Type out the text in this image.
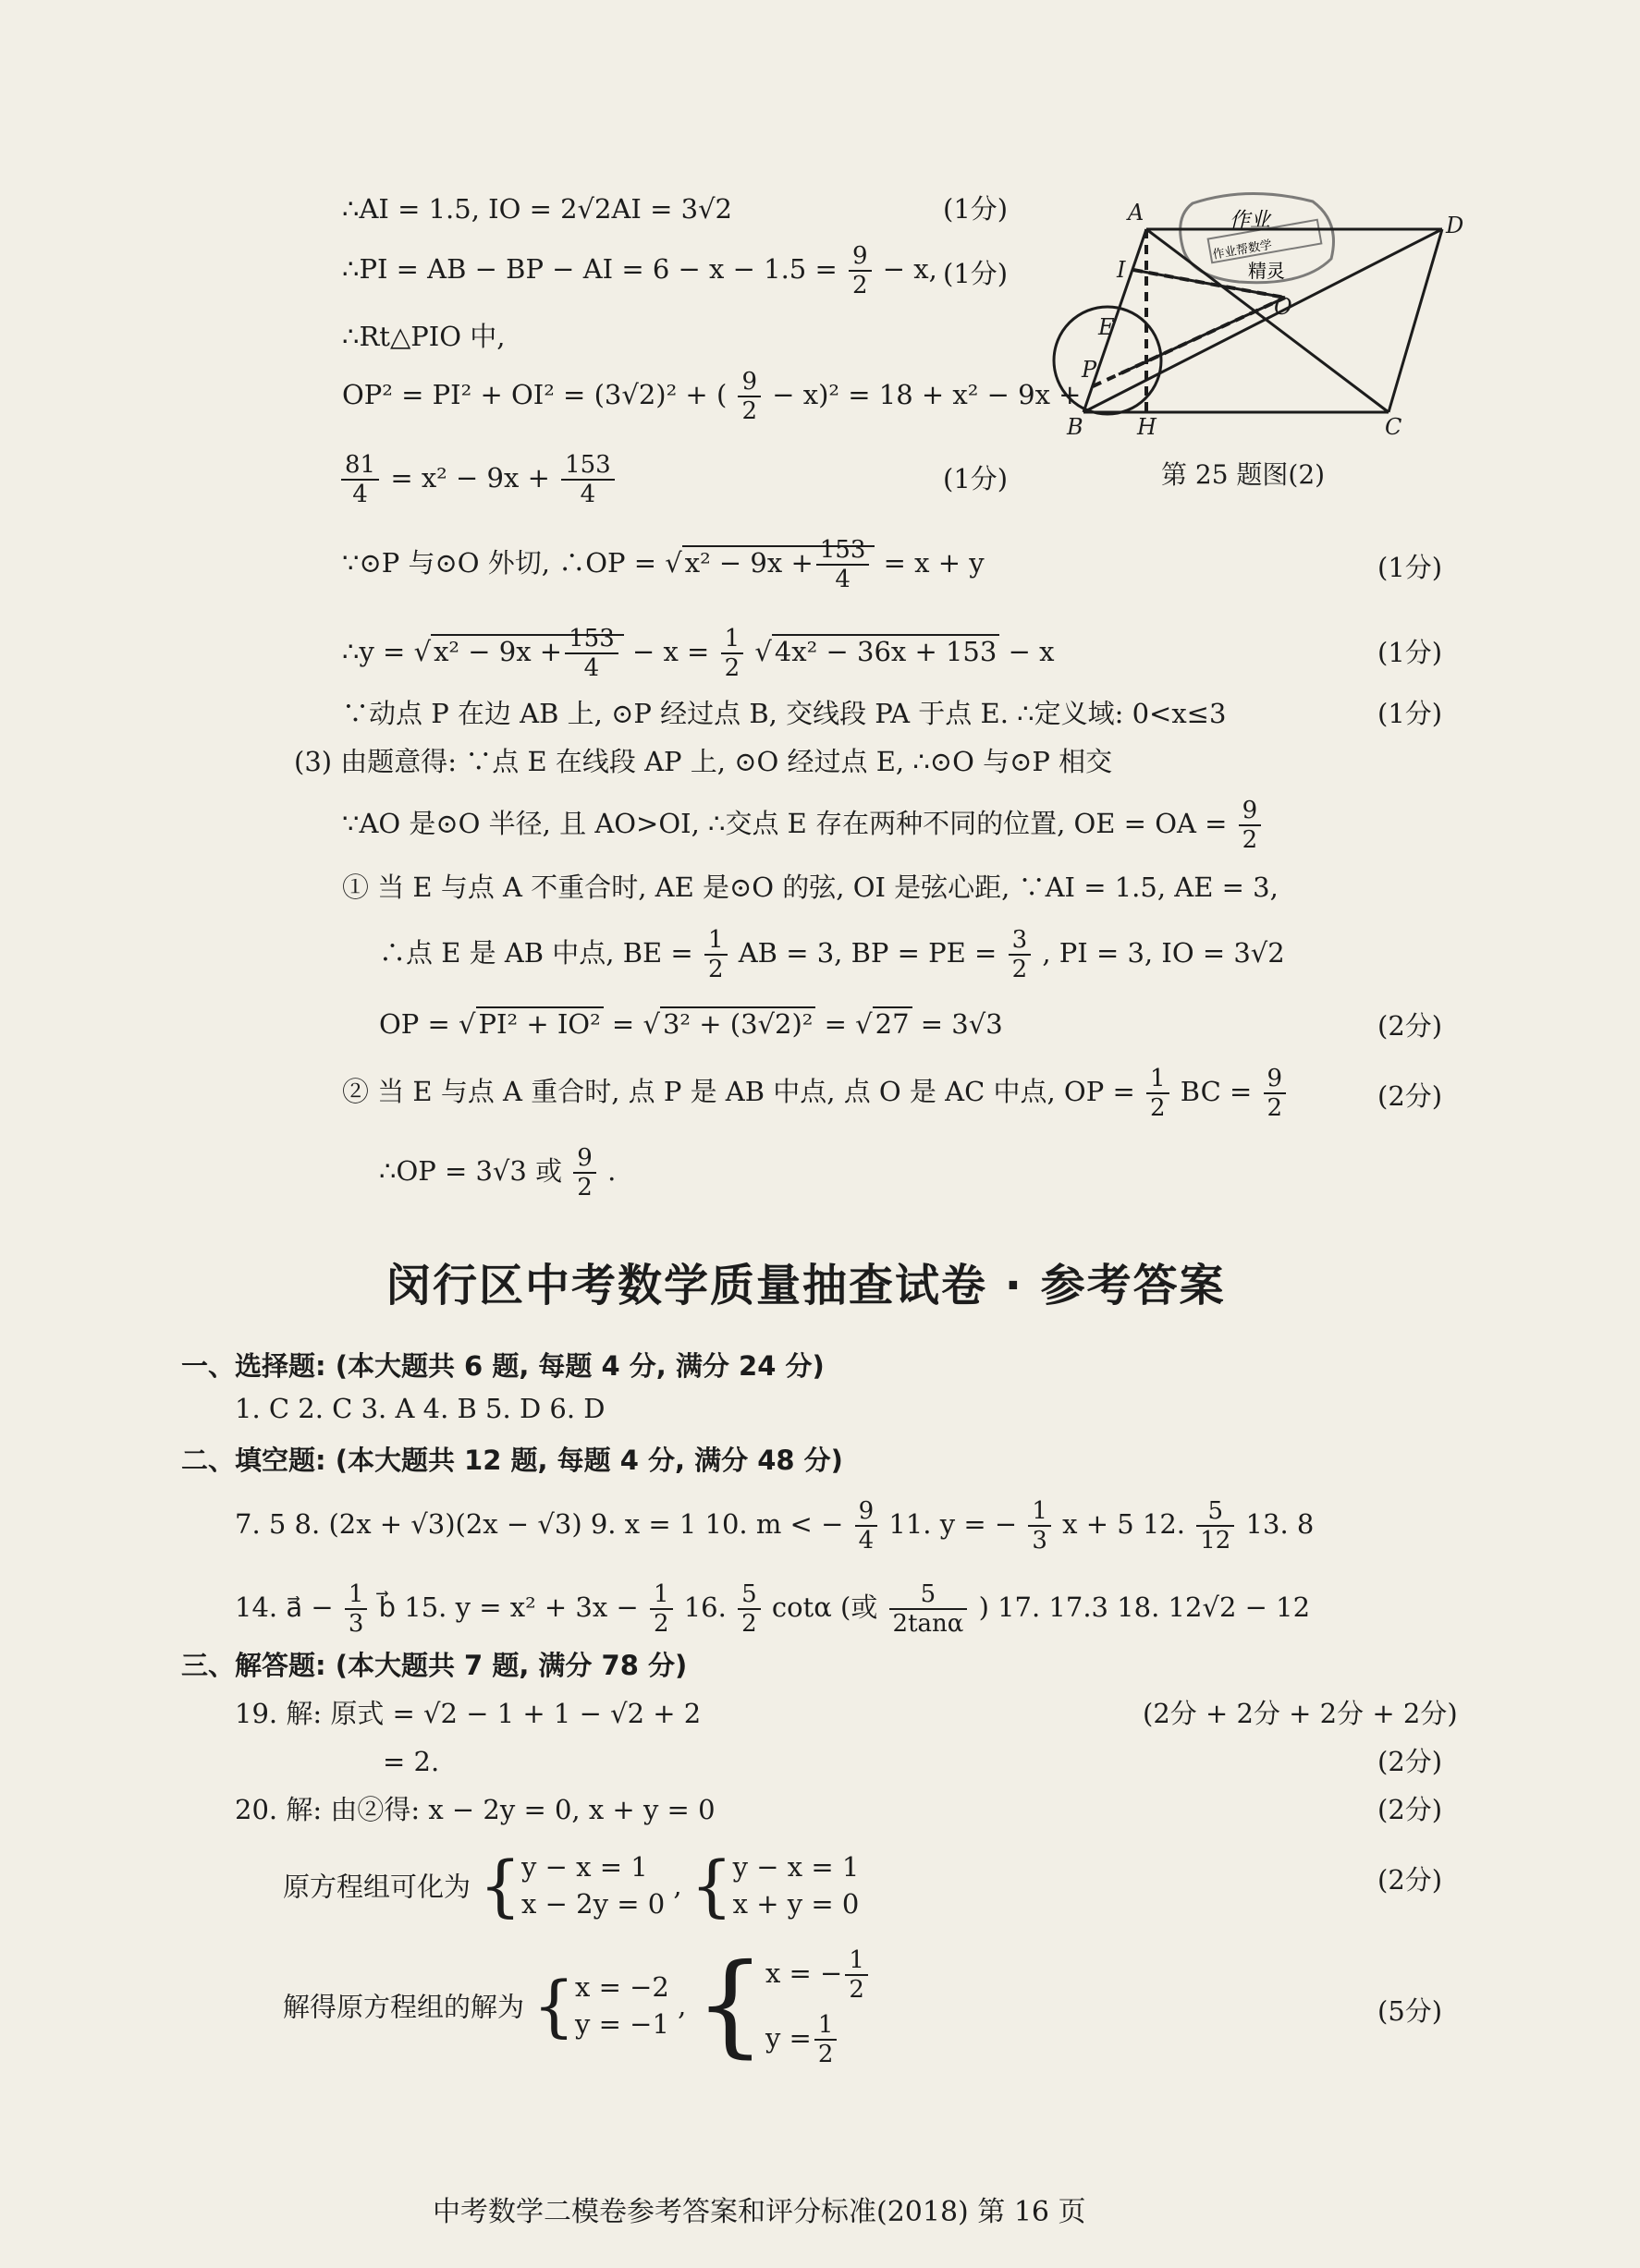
∴AI = 1.5, IO = 2√2AI = 3√2	(1分)
∴PI = AB − BP − AI = $6 - x - 1.5 = \frac{9}{2} - x$, (1分)
∴Rt△PIO 中,
OP² = PI² + OI² = (3√2)² + ( $\frac{9}{2} - x)^2 = 18 + x^2 - 9x$ +
$\frac{81}{4} = x^2 - 9x + \frac{153}{4}$	(1分)
∵⊙P 与⊙O 外切, ∴OP = √ $x^2 - 9x + \frac{153}{4} = x + y$	(1分)
∴y = √ $x^2 - 9x + \frac{153}{4} - x = \frac{1}{2}$ √ 4x² − 36x + 153 − x	(1分)
∵动点 P 在边 AB 上, ⊙P 经过点 B, 交线段 PA 于点 E. ∴定义域: 0<x≤3	(1分)
(3) 由题意得: ∵点 E 在线段 AP 上, ⊙O 经过点 E, ∴⊙O 与⊙P 相交
∵AO 是⊙O 半径, 且 AO>OI, ∴交点 E 存在两种不同的位置, OE = OA = $\frac{9}{2}$
① 当 E 与点 A 不重合时, AE 是⊙O 的弦, OI 是弦心距, ∵AI = 1.5, AE = 3,
∴点 E 是 AB 中点, BE = $\frac{1}{2}$ AB = 3, BP = PE = $\frac{3}{2}$ , PI = 3, IO = 3√2
OP = √ PI² + IO² = √ 3² + (3√2)² = √ 27 = 3√3	(2分)
② 当 E 与点 A 重合时, 点 P 是 AB 中点, 点 O 是 AC 中点, OP = $\frac{1}{2}$ BC = $\frac{9}{2}$	(2分)
∴OP = 3√3 或 $\frac{9}{2}$ .
作业
作业帮数学
精灵
A	D
I
E
O
P
B H	C
第 25 题图(2)
闵行区中考数学质量抽查试卷 · 参考答案
一、选择题: (本大题共 6 题, 每题 4 分, 满分 24 分)
1. C 2. C 3. A 4. B 5. D 6. D
二、填空题: (本大题共 12 题, 每题 4 分, 满分 48 分)
7. 5 8. (2x + √3)(2x − √3) 9. x = 1 10. m < − $\frac{9}{4} 11$. y = − $\frac{1}{3}$ x + 5 12. $\frac{5}{12} 13$. 8
14. a⃗ − $\frac{1}{3}$ b⃗ 15. $y = x^2 + 3x - \frac{1}{2} 16$. $\frac{5}{2}$ cotα (或 $\frac{5}{2\tan\alpha}$ ) 17. 17.3 18. 12√2 − 12
三、解答题: (本大题共 7 题, 满分 78 分)
19. 解: 原式 = √2 − 1 + 1 − √2 + 2	(2分 + 2分 + 2分 + 2分)
= 2.	(2分)
20. 解: 由②得: x − 2y = 0, x + y = 0	(2分)
原方程组可化为 {y − x = 1
x − 2y = 0 , {y − x = 1
x + y = 0
(2分)
解得原方程组的解为 {x = −2
y = −1 , {x = − $\frac{1}{2}$

$y = \frac{1}{2}$	(5分)
中考数学二模卷参考答案和评分标准(2018) 第 16 页
